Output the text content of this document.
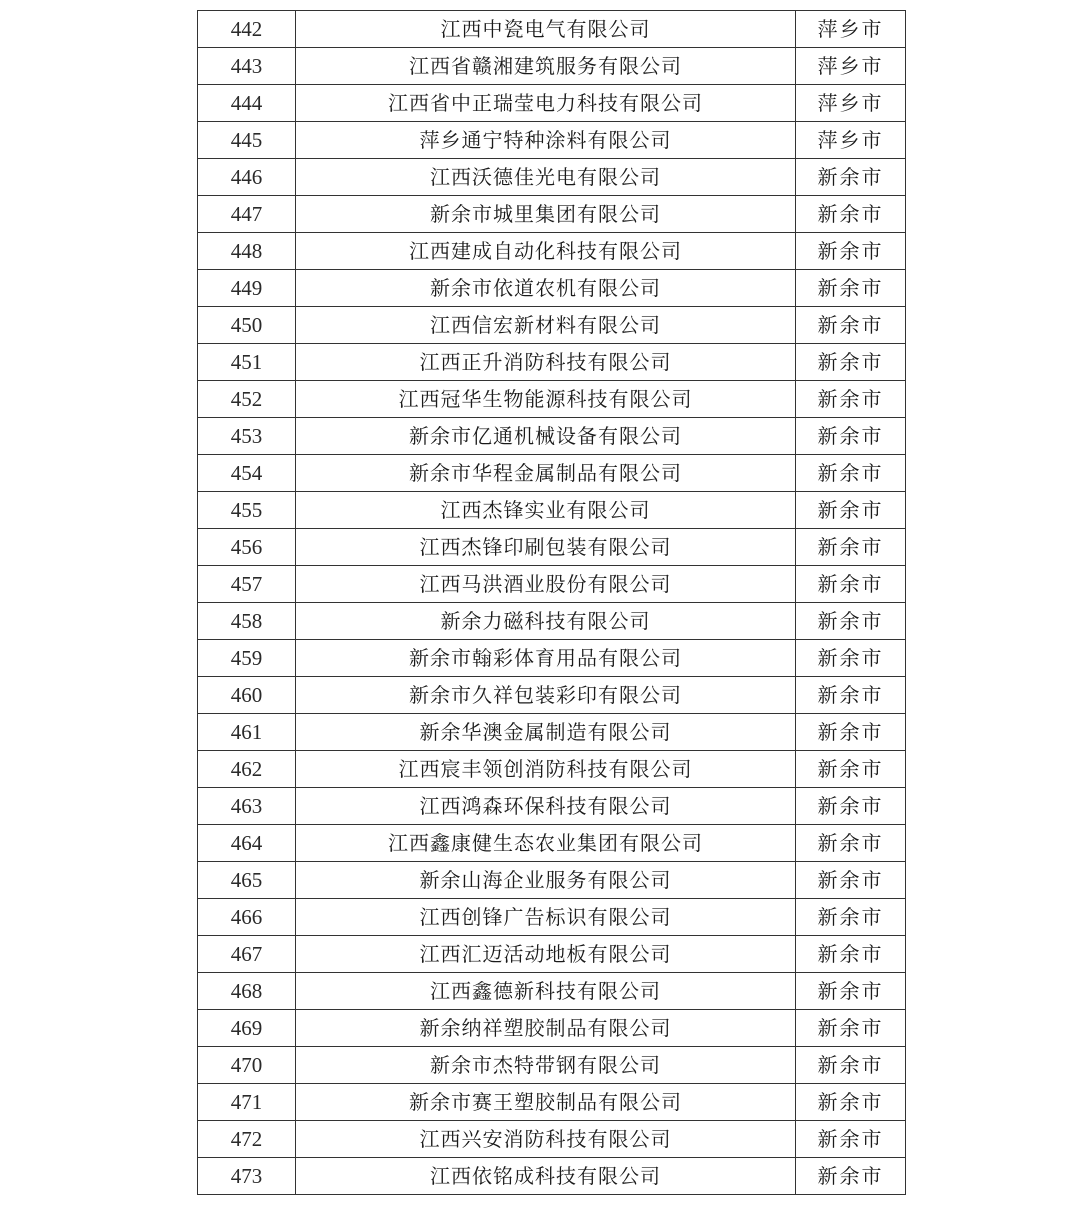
442	江西中瓷电气有限公司	萍乡市
443	江西省赣湘建筑服务有限公司	萍乡市
444	江西省中正瑞莹电力科技有限公司	萍乡市
445	萍乡通宁特种涂料有限公司	萍乡市
446	江西沃德佳光电有限公司	新余市
447	新余市城里集团有限公司	新余市
448	江西建成自动化科技有限公司	新余市
449	新余市依道农机有限公司	新余市
450	江西信宏新材料有限公司	新余市
451	江西正升消防科技有限公司	新余市
452	江西冠华生物能源科技有限公司	新余市
453	新余市亿通机械设备有限公司	新余市
454	新余市华程金属制品有限公司	新余市
455	江西杰锋实业有限公司	新余市
456	江西杰锋印刷包装有限公司	新余市
457	江西马洪酒业股份有限公司	新余市
458	新余力磁科技有限公司	新余市
459	新余市翰彩体育用品有限公司	新余市
460	新余市久祥包装彩印有限公司	新余市
461	新余华澳金属制造有限公司	新余市
462	江西宸丰领创消防科技有限公司	新余市
463	江西鸿森环保科技有限公司	新余市
464	江西鑫康健生态农业集团有限公司	新余市
465	新余山海企业服务有限公司	新余市
466	江西创锋广告标识有限公司	新余市
467	江西汇迈活动地板有限公司	新余市
468	江西鑫德新科技有限公司	新余市
469	新余纳祥塑胶制品有限公司	新余市
470	新余市杰特带钢有限公司	新余市
471	新余市赛王塑胶制品有限公司	新余市
472	江西兴安消防科技有限公司	新余市
473	江西依铭成科技有限公司	新余市
